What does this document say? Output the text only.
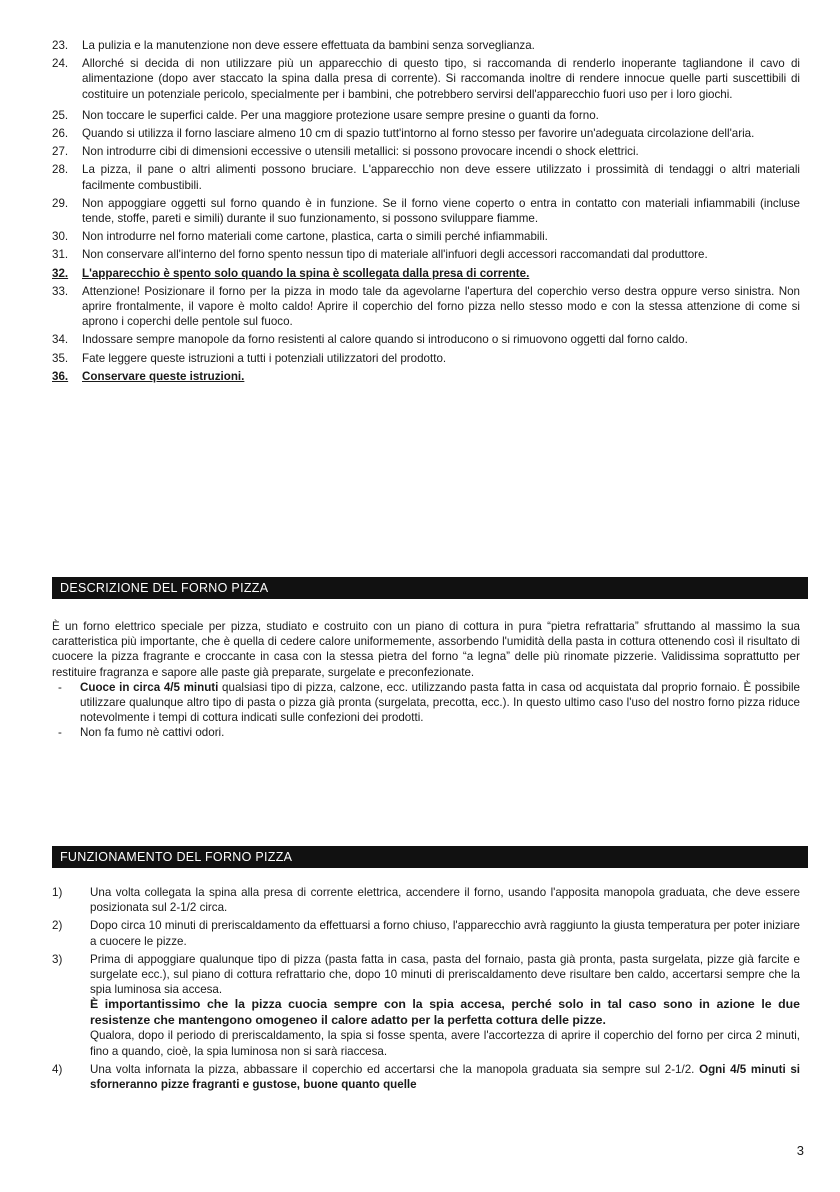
23.	La pulizia e la manutenzione non deve essere effettuata da bambini senza sorveglianza.
24.	Allorché si decida di non utilizzare più un apparecchio di questo tipo, si raccomanda di renderlo inoperante tagliandone il cavo di alimentazione (dopo aver staccato la spina dalla presa di corrente). Si raccomanda inoltre di rendere innocue quelle parti suscettibili di costituire un potenziale pericolo, specialmente per i bambini, che potrebbero servirsi dell'apparecchio fuori uso per i loro giochi.
25.	Non toccare le superfici calde. Per una maggiore protezione usare sempre presine o guanti da forno.
26.	Quando si utilizza il forno lasciare almeno 10 cm di spazio tutt'intorno al forno stesso per favorire un'adeguata circolazione dell'aria.
27.	Non introdurre cibi di dimensioni eccessive o utensili metallici: si possono provocare incendi o shock elettrici.
28.	La pizza, il pane o altri alimenti possono bruciare. L'apparecchio non deve essere utilizzato i prossimità di tendaggi o altri materiali facilmente combustibili.
29.	Non appoggiare oggetti sul forno quando è in funzione. Se il forno viene coperto o entra in contatto con materiali infiammabili (incluse tende, stoffe, pareti e simili) durante il suo funzionamento, si possono sviluppare fiamme.
30.	Non introdurre nel forno materiali come cartone, plastica, carta o simili perché infiammabili.
31.	Non conservare all'interno del forno spento nessun tipo di materiale all'infuori degli accessori raccomandati dal produttore.
32.	L'apparecchio è spento solo quando la spina è scollegata dalla presa di corrente.
33.	Attenzione! Posizionare il forno per la pizza in modo tale da agevolarne l'apertura del coperchio verso destra oppure verso sinistra. Non aprire frontalmente, il vapore è molto caldo! Aprire il coperchio del forno pizza nello stesso modo e con la stessa attenzione di come si aprono i coperchi delle pentole sul fuoco.
34.	Indossare sempre manopole da forno resistenti al calore quando si introducono o si rimuovono oggetti dal forno caldo.
35.	Fate leggere queste istruzioni a tutti i potenziali utilizzatori del prodotto.
36.	Conservare queste istruzioni.
DESCRIZIONE DEL FORNO PIZZA
È un forno elettrico speciale per pizza, studiato e costruito con un piano di cottura in pura “pietra refrattaria” sfruttando al massimo la sua caratteristica più importante, che è quella di cedere calore uniformemente, assorbendo l'umidità della pasta in cottura ottenendo così il risultato di cuocere la pizza fragrante e croccante in casa con la stessa pietra del forno “a legna” delle più rinomate pizzerie. Validissima soprattutto per restituire fragranza e sapore alle paste già preparate, surgelate e preconfezionate.
-	Cuoce in circa 4/5 minuti qualsiasi tipo di pizza, calzone, ecc. utilizzando pasta fatta in casa od acquistata dal proprio fornaio. È possibile utilizzare qualunque altro tipo di pasta o pizza già pronta (surgelata, precotta, ecc.). In questo ultimo caso l'uso del nostro forno pizza riduce notevolmente i tempi di cottura indicati sulle confezioni dei prodotti.
-	Non fa fumo nè cattivi odori.
FUNZIONAMENTO DEL FORNO PIZZA
1)	Una volta collegata la spina alla presa di corrente elettrica, accendere il forno, usando l'apposita manopola graduata, che deve essere posizionata sul 2-1/2 circa.
2)	Dopo circa 10 minuti di preriscaldamento da effettuarsi a forno chiuso, l'apparecchio avrà raggiunto la giusta temperatura per poter iniziare a cuocere le pizze.
3)	Prima di appoggiare qualunque tipo di pizza (pasta fatta in casa, pasta del fornaio, pasta già pronta, pasta surgelata, pizze già farcite e surgelate ecc.), sul piano di cottura refrattario che, dopo 10 minuti di preriscaldamento deve risultare ben caldo, accertarsi sempre che la spia luminosa sia accesa.
È importantissimo che la pizza cuocia sempre con la spia accesa, perché solo in tal caso sono in azione le due resistenze che mantengono omogeneo il calore adatto per la perfetta cottura delle pizze.
Qualora, dopo il periodo di preriscaldamento, la spia si fosse spenta, avere l'accortezza di aprire il coperchio del forno per circa 2 minuti, fino a quando, cioè, la spia luminosa non si sarà riaccesa.
4)	Una volta infornata la pizza, abbassare il coperchio ed accertarsi che la manopola graduata sia sempre sul 2-1/2. Ogni 4/5 minuti si sforneranno pizze fragranti e gustose, buone quanto quelle
3
